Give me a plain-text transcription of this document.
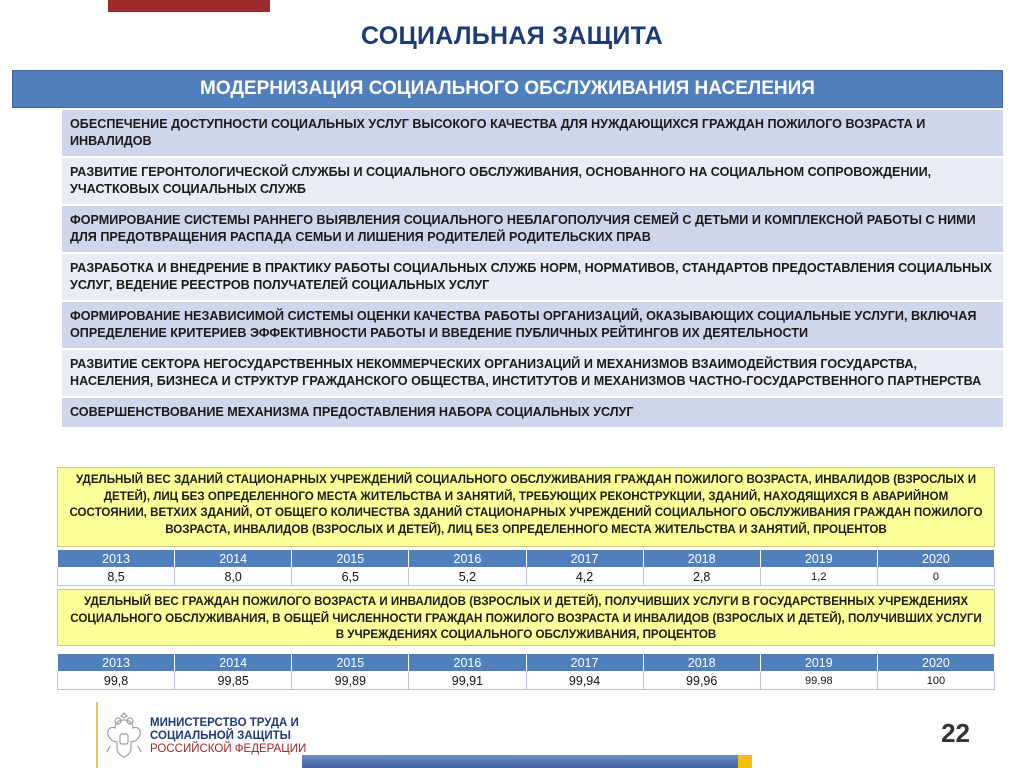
СОЦИАЛЬНАЯ ЗАЩИТА
МОДЕРНИЗАЦИЯ СОЦИАЛЬНОГО ОБСЛУЖИВАНИЯ НАСЕЛЕНИЯ
ОБЕСПЕЧЕНИЕ ДОСТУПНОСТИ СОЦИАЛЬНЫХ УСЛУГ ВЫСОКОГО КАЧЕСТВА ДЛЯ НУЖДАЮЩИХСЯ ГРАЖДАН ПОЖИЛОГО ВОЗРАСТА И ИНВАЛИДОВ
РАЗВИТИЕ ГЕРОНТОЛОГИЧЕСКОЙ СЛУЖБЫ И СОЦИАЛЬНОГО ОБСЛУЖИВАНИЯ, ОСНОВАННОГО НА СОЦИАЛЬНОМ СОПРОВОЖДЕНИИ, УЧАСТКОВЫХ СОЦИАЛЬНЫХ СЛУЖБ
ФОРМИРОВАНИЕ СИСТЕМЫ РАННЕГО ВЫЯВЛЕНИЯ СОЦИАЛЬНОГО НЕБЛАГОПОЛУЧИЯ СЕМЕЙ С ДЕТЬМИ И КОМПЛЕКСНОЙ РАБОТЫ С НИМИ ДЛЯ ПРЕДОТВРАЩЕНИЯ РАСПАДА СЕМЬИ И ЛИШЕНИЯ РОДИТЕЛЕЙ РОДИТЕЛЬСКИХ ПРАВ
РАЗРАБОТКА И ВНЕДРЕНИЕ В ПРАКТИКУ РАБОТЫ СОЦИАЛЬНЫХ СЛУЖБ НОРМ, НОРМАТИВОВ, СТАНДАРТОВ ПРЕДОСТАВЛЕНИЯ СОЦИАЛЬНЫХ УСЛУГ, ВЕДЕНИЕ РЕЕСТРОВ ПОЛУЧАТЕЛЕЙ СОЦИАЛЬНЫХ УСЛУГ
ФОРМИРОВАНИЕ НЕЗАВИСИМОЙ СИСТЕМЫ ОЦЕНКИ КАЧЕСТВА РАБОТЫ ОРГАНИЗАЦИЙ, ОКАЗЫВАЮЩИХ СОЦИАЛЬНЫЕ УСЛУГИ, ВКЛЮЧАЯ ОПРЕДЕЛЕНИЕ КРИТЕРИЕВ ЭФФЕКТИВНОСТИ РАБОТЫ И ВВЕДЕНИЕ ПУБЛИЧНЫХ РЕЙТИНГОВ ИХ ДЕЯТЕЛЬНОСТИ
РАЗВИТИЕ СЕКТОРА НЕГОСУДАРСТВЕННЫХ НЕКОММЕРЧЕСКИХ ОРГАНИЗАЦИЙ И МЕХАНИЗМОВ ВЗАИМОДЕЙСТВИЯ ГОСУДАРСТВА, НАСЕЛЕНИЯ, БИЗНЕСА И СТРУКТУР ГРАЖДАНСКОГО ОБЩЕСТВА, ИНСТИТУТОВ И МЕХАНИЗМОВ ЧАСТНО-ГОСУДАРСТВЕННОГО ПАРТНЕРСТВА
СОВЕРШЕНСТВОВАНИЕ МЕХАНИЗМА ПРЕДОСТАВЛЕНИЯ НАБОРА СОЦИАЛЬНЫХ УСЛУГ
УДЕЛЬНЫЙ ВЕС ЗДАНИЙ СТАЦИОНАРНЫХ УЧРЕЖДЕНИЙ СОЦИАЛЬНОГО ОБСЛУЖИВАНИЯ ГРАЖДАН ПОЖИЛОГО ВОЗРАСТА, ИНВАЛИДОВ (ВЗРОСЛЫХ И ДЕТЕЙ), ЛИЦ БЕЗ ОПРЕДЕЛЕННОГО МЕСТА ЖИТЕЛЬСТВА И ЗАНЯТИЙ, ТРЕБУЮЩИХ РЕКОНСТРУКЦИИ, ЗДАНИЙ, НАХОДЯЩИХСЯ В АВАРИЙНОМ СОСТОЯНИИ, ВЕТХИХ ЗДАНИЙ, ОТ ОБЩЕГО КОЛИЧЕСТВА ЗДАНИЙ СТАЦИОНАРНЫХ УЧРЕЖДЕНИЙ СОЦИАЛЬНОГО ОБСЛУЖИВАНИЯ ГРАЖДАН ПОЖИЛОГО ВОЗРАСТА, ИНВАЛИДОВ (ВЗРОСЛЫХ И ДЕТЕЙ), ЛИЦ БЕЗ ОПРЕДЕЛЕННОГО МЕСТА ЖИТЕЛЬСТВА И ЗАНЯТИЙ, ПРОЦЕНТОВ
2013	2014	2015	2016	2017	2018	2019	2020
8,5	8,0	6,5	5,2	4,2	2,8	1,2	0
УДЕЛЬНЫЙ ВЕС ГРАЖДАН ПОЖИЛОГО ВОЗРАСТА И ИНВАЛИДОВ (ВЗРОСЛЫХ И ДЕТЕЙ), ПОЛУЧИВШИХ УСЛУГИ В ГОСУДАРСТВЕННЫХ УЧРЕЖДЕНИЯХ СОЦИАЛЬНОГО ОБСЛУЖИВАНИЯ, В ОБЩЕЙ ЧИСЛЕННОСТИ ГРАЖДАН ПОЖИЛОГО ВОЗРАСТА И ИНВАЛИДОВ (ВЗРОСЛЫХ И ДЕТЕЙ), ПОЛУЧИВШИХ УСЛУГИ В УЧРЕЖДЕНИЯХ СОЦИАЛЬНОГО ОБСЛУЖИВАНИЯ, ПРОЦЕНТОВ
2013	2014	2015	2016	2017	2018	2019	2020
99,8	99,85	99,89	99,91	99,94	99,96	99,98	100
МИНИСТЕРСТВО ТРУДА И
СОЦИАЛЬНОЙ ЗАЩИТЫ
РОССИЙСКОЙ ФЕДЕРАЦИИ
22
